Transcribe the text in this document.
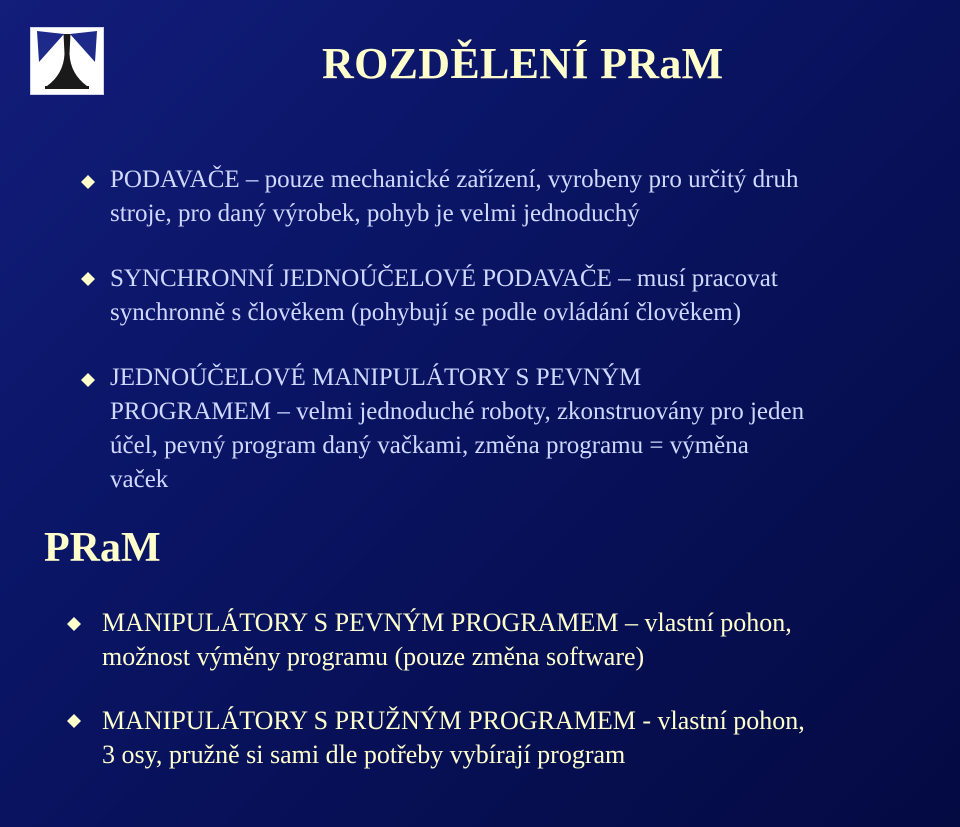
ROZDĚLENÍ PRaM

PODAVAČE – pouze mechanické zařízení, vyrobeny pro určitý druh
stroje, pro daný výrobek, pohyb je velmi jednoduchý

SYNCHRONNÍ JEDNOÚČELOVÉ PODAVAČE – musí pracovat
synchronně s člověkem (pohybují se podle ovládání člověkem)

JEDNOÚČELOVÉ MANIPULÁTORY S PEVNÝM
PROGRAMEM – velmi jednoduché roboty, zkonstruovány pro jeden
účel, pevný program daný vačkami, změna programu = výměna
vaček

PRaM

MANIPULÁTORY S PEVNÝM PROGRAMEM – vlastní pohon,
možnost výměny programu (pouze změna software)

MANIPULÁTORY S PRUŽNÝM PROGRAMEM - vlastní pohon,
3 osy, pružně si sami dle potřeby vybírají program
